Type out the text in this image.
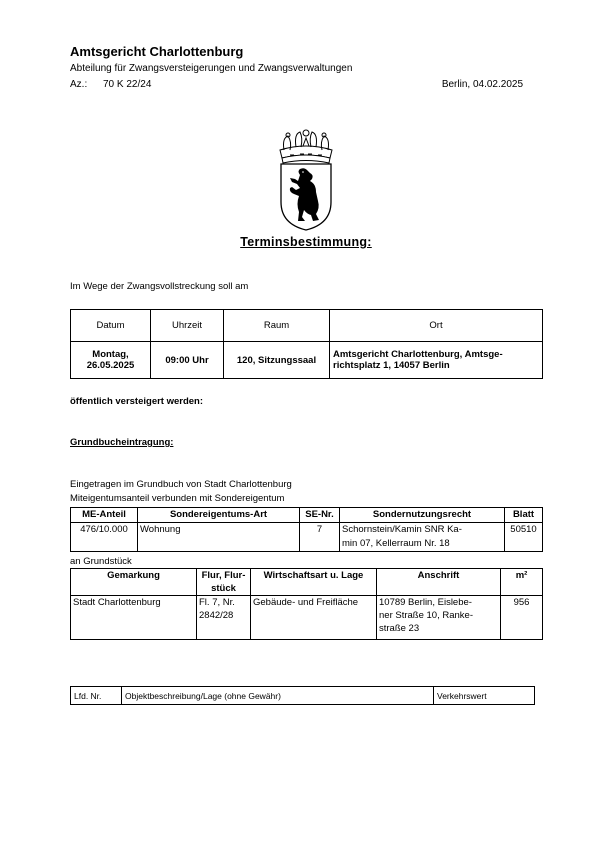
Amtsgericht Charlottenburg
Abteilung für Zwangsversteigerungen und Zwangsverwaltungen
Az.: 70 K 22/24	Berlin, 04.02.2025
Terminsbestimmung:
Im Wege der Zwangsvollstreckung soll am
Datum	Uhrzeit	Raum	Ort
Montag,
26.05.2025	09:00 Uhr	120, Sitzungssaal	Amtsgericht Charlottenburg, Amtsge-
richtsplatz 1, 14057 Berlin
öffentlich versteigert werden:
Grundbucheintragung:
Eingetragen im Grundbuch von Stadt Charlottenburg
Miteigentumsanteil verbunden mit Sondereigentum
ME-Anteil	Sondereigentums-Art	SE-Nr.	Sondernutzungsrecht	Blatt
476/10.000	Wohnung	7	Schornstein/Kamin SNR Ka-
min 07, Kellerraum Nr. 18	50510
an Grundstück
Gemarkung	Flur, Flur-
stück	Wirtschaftsart u. Lage	Anschrift	m²
Stadt Charlottenburg	Fl. 7, Nr.
2842/28	Gebäude- und Freifläche	10789 Berlin, Eislebe-
ner Straße 10, Ranke-
straße 23	956
Lfd. Nr.	Objektbeschreibung/Lage (ohne Gewähr)	Verkehrswert
